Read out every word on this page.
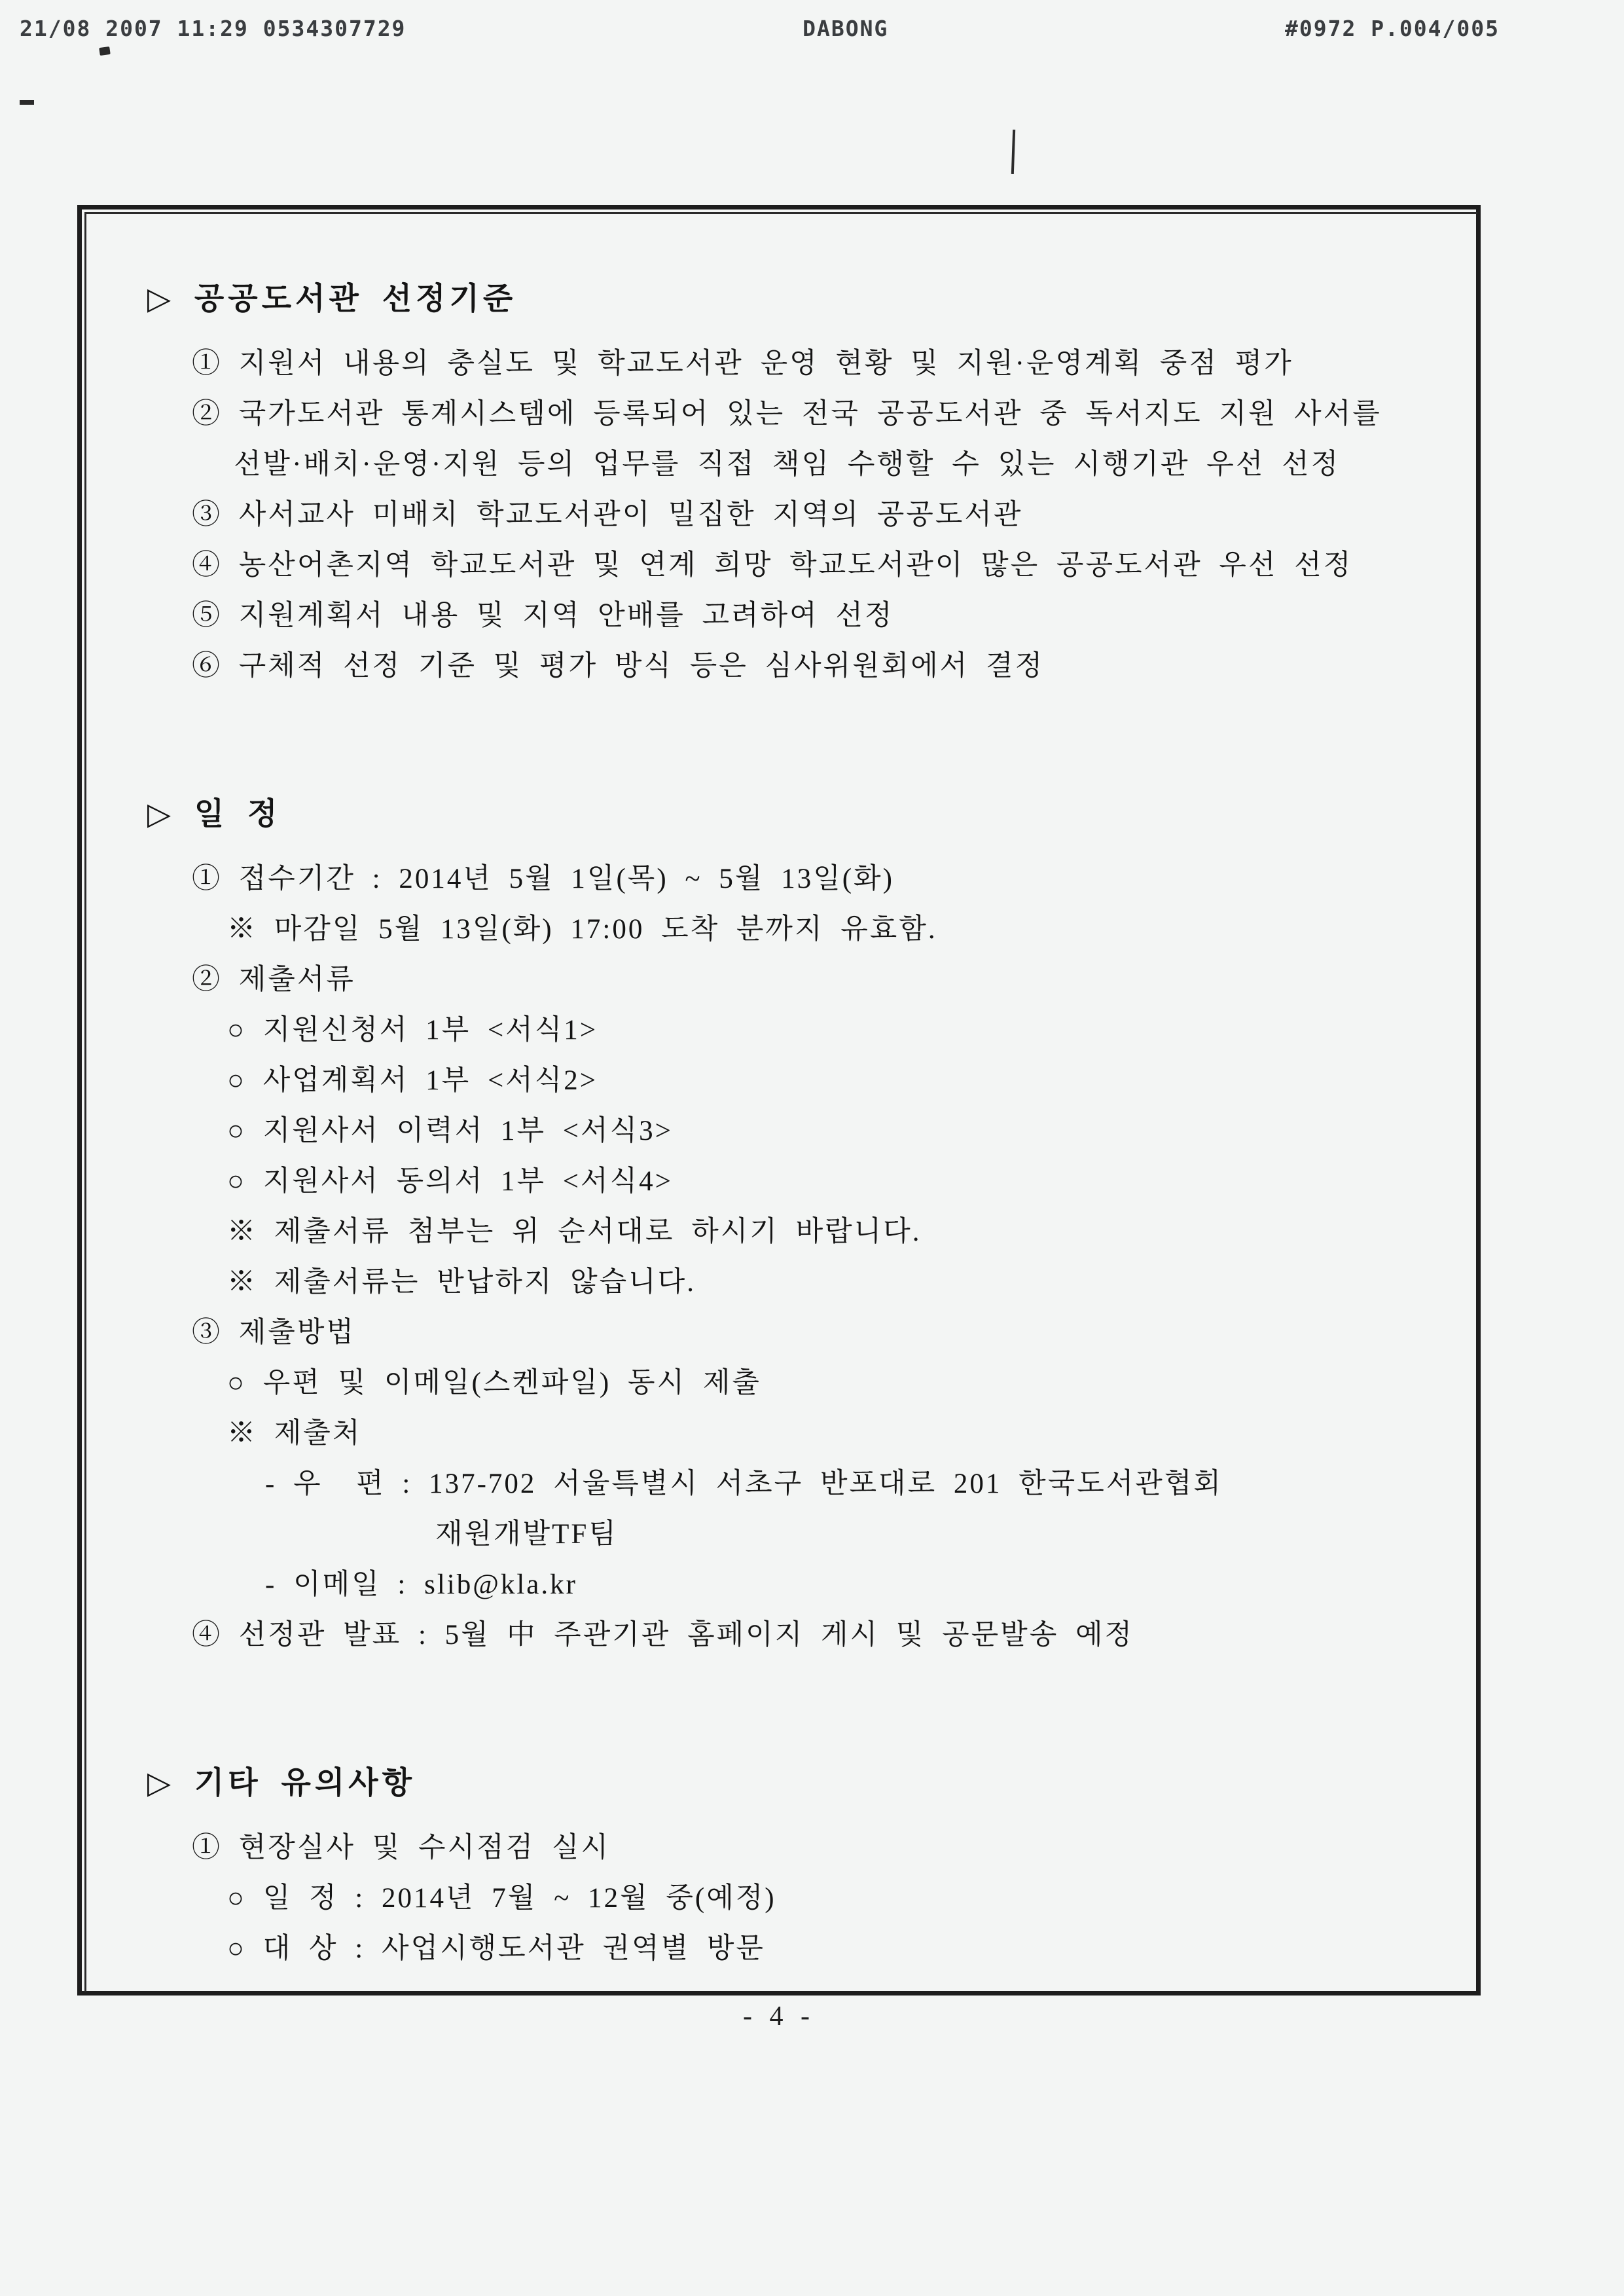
21/08 2007 11:29 0534307729	DABONG	#0972 P.004/005

▷ 공공도서관 선정기준

① 지원서 내용의 충실도 및 학교도서관 운영 현황 및 지원·운영계획 중점 평가

② 국가도서관 통계시스템에 등록되어 있는 전국 공공도서관 중 독서지도 지원 사서를

선발·배치·운영·지원 등의 업무를 직접 책임 수행할 수 있는 시행기관 우선 선정

③ 사서교사 미배치 학교도서관이 밀집한 지역의 공공도서관

④ 농산어촌지역 학교도서관 및 연계 희망 학교도서관이 많은 공공도서관 우선 선정

⑤ 지원계획서 내용 및 지역 안배를 고려하여 선정

⑥ 구체적 선정 기준 및 평가 방식 등은 심사위원회에서 결정

▷ 일 정

① 접수기간 : 2014년 5월 1일(목) ~ 5월 13일(화)

※ 마감일 5월 13일(화) 17:00 도착 분까지 유효함.

② 제출서류

○ 지원신청서 1부 <서식1>

○ 사업계획서 1부 <서식2>

○ 지원사서 이력서 1부 <서식3>

○ 지원사서 동의서 1부 <서식4>

※ 제출서류 첨부는 위 순서대로 하시기 바랍니다.

※ 제출서류는 반납하지 않습니다.

③ 제출방법

○ 우편 및 이메일(스켄파일) 동시 제출

※ 제출처

- 우  편 : 137-702 서울특별시 서초구 반포대로 201 한국도서관협회

재원개발TF팀

- 이메일 : slib@kla.kr

④ 선정관 발표 : 5월 中 주관기관 홈페이지 게시 및 공문발송 예정

▷ 기타 유의사항

① 현장실사 및 수시점검 실시

○ 일 정 : 2014년 7월 ~ 12월 중(예정)

○ 대 상 : 사업시행도서관 권역별 방문

- 4 -
